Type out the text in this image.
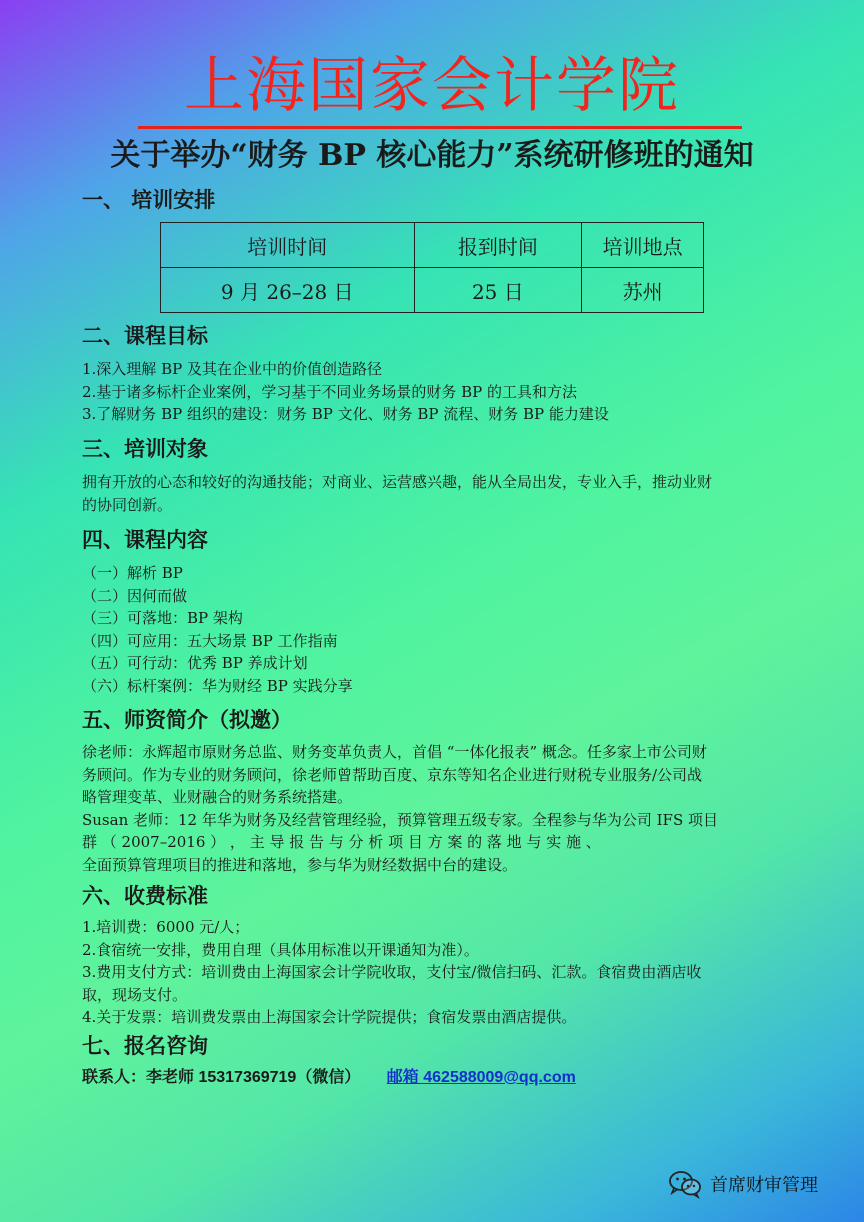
上海国家会计学院
关于举办“财务 BP 核心能力”系统研修班的通知
一、 培训安排
培训时间	报到时间	培训地点
9 月 26–28 日	25 日	苏州
二、课程目标
1.深入理解 BP 及其在企业中的价值创造路径
2.基于诸多标杆企业案例，学习基于不同业务场景的财务 BP 的工具和方法
3.了解财务 BP 组织的建设：财务 BP 文化、财务 BP 流程、财务 BP 能力建设
三、培训对象
拥有开放的心态和较好的沟通技能；对商业、运营感兴趣，能从全局出发，专业入手，推动业财
的协同创新。
四、课程内容
（一）解析 BP
（二）因何而做
（三）可落地：BP 架构
（四）可应用：五大场景 BP 工作指南
（五）可行动：优秀 BP 养成计划
（六）标杆案例：华为财经 BP 实践分享
五、师资简介（拟邀）
徐老师：永辉超市原财务总监、财务变革负责人，首倡 “一体化报表” 概念。任多家上市公司财
务顾问。作为专业的财务顾问，徐老师曾帮助百度、京东等知名企业进行财税专业服务/公司战
略管理变革、业财融合的财务系统搭建。
Susan 老师：12 年华为财务及经营管理经验，预算管理五级专家。全程参与华为公司 IFS 项目
群 （ 2007–2016 ） ， 主 导 报 告 与 分 析 项 目 方 案 的 落 地 与 实 施 、
全面预算管理项目的推进和落地，参与华为财经数据中台的建设。
六、收费标准
1.培训费：6000 元/人；
2.食宿统一安排，费用自理（具体用标准以开课通知为准）。
3.费用支付方式：培训费由上海国家会计学院收取，支付宝/微信扫码、汇款。食宿费由酒店收
取，现场支付。
4.关于发票：培训费发票由上海国家会计学院提供；食宿发票由酒店提供。
七、报名咨询
联系人：李老师 15317369719（微信） 邮箱 462588009@qq.com
首席财审管理
